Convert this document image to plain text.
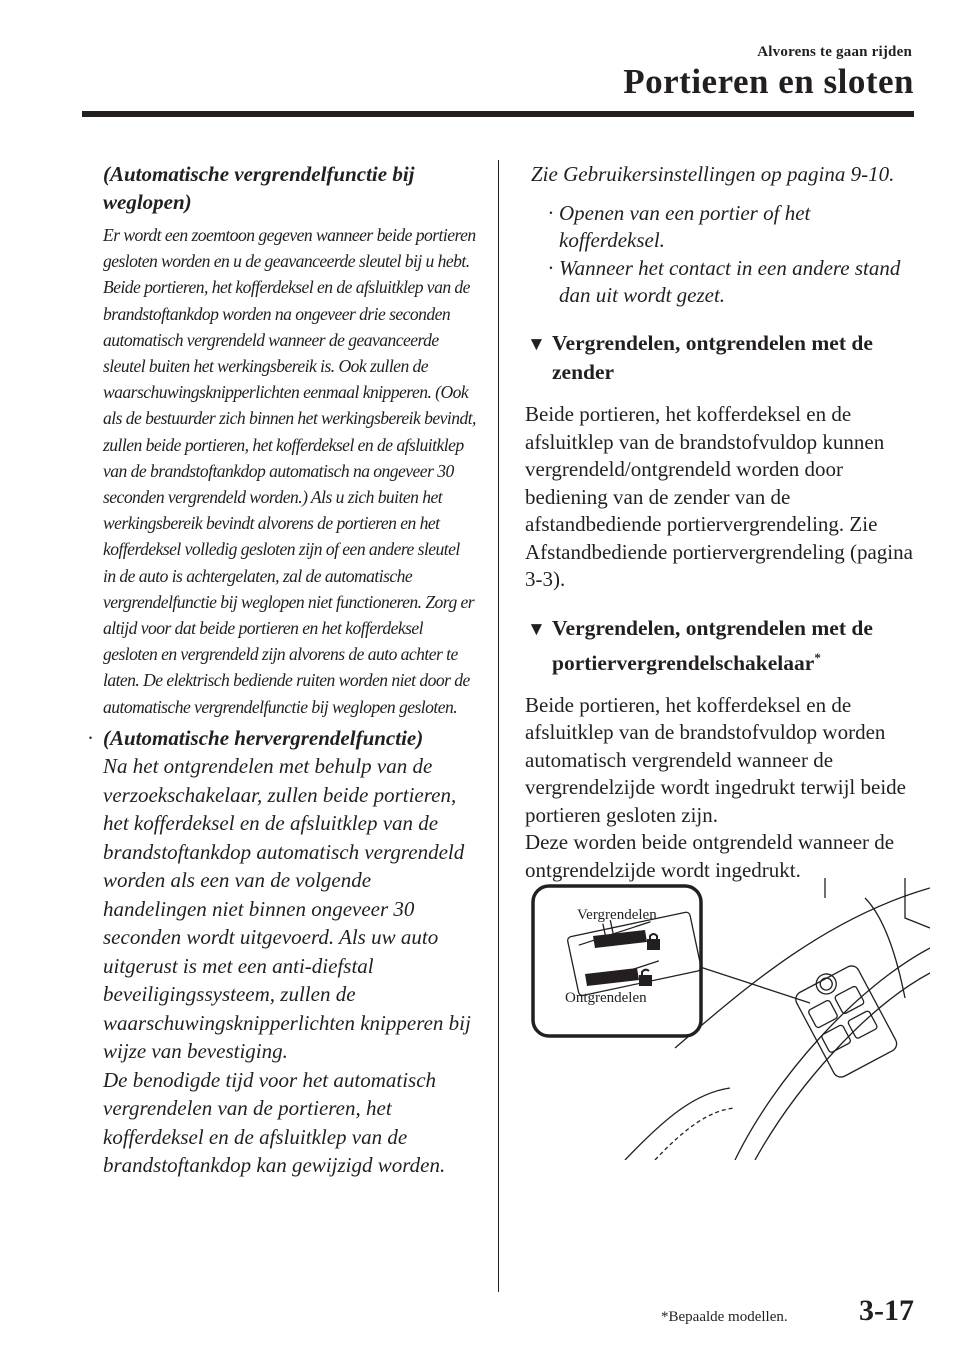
Alvorens te gaan rijden
Portieren en sloten
(Automatische vergrendelfunctie bij weglopen)
Er wordt een zoemtoon gegeven wanneer beide portieren gesloten worden en u de geavanceerde sleutel bij u hebt. Beide portieren, het kofferdeksel en de afsluitklep van de brandstoftankdop worden na ongeveer drie seconden automatisch vergrendeld wanneer de geavanceerde sleutel buiten het werkingsbereik is. Ook zullen de waarschuwingsknipperlichten eenmaal knipperen. (Ook als de bestuurder zich binnen het werkingsbereik bevindt, zullen beide portieren, het kofferdeksel en de afsluitklep van de brandstoftankdop automatisch na ongeveer 30 seconden vergrendeld worden.) Als u zich buiten het werkingsbereik bevindt alvorens de portieren en het kofferdeksel volledig gesloten zijn of een andere sleutel in de auto is achtergelaten, zal de automatische vergrendelfunctie bij weglopen niet functioneren. Zorg er altijd voor dat beide portieren en het kofferdeksel gesloten en vergrendeld zijn alvorens de auto achter te laten. De elektrisch bediende ruiten worden niet door de automatische vergrendelfunctie bij weglopen gesloten.
· (Automatische hervergrendelfunctie)
Na het ontgrendelen met behulp van de verzoekschakelaar, zullen beide portieren, het kofferdeksel en de afsluitklep van de brandstoftankdop automatisch vergrendeld worden als een van de volgende handelingen niet binnen ongeveer 30 seconden wordt uitgevoerd. Als uw auto uitgerust is met een anti-diefstal beveiligingssysteem, zullen de waarschuwingsknipperlichten knipperen bij wijze van bevestiging.
De benodigde tijd voor het automatisch vergrendelen van de portieren, het kofferdeksel en de afsluitklep van de brandstoftankdop kan gewijzigd worden.
Zie Gebruikersinstellingen op pagina 9-10.
· Openen van een portier of het kofferdeksel.
· Wanneer het contact in een andere stand dan uit wordt gezet.
▼ Vergrendelen, ontgrendelen met de zender
Beide portieren, het kofferdeksel en de afsluitklep van de brandstofvuldop kunnen vergrendeld/ontgrendeld worden door bediening van de zender van de afstandbediende portiervergrendeling. Zie Afstandbediende portiervergrendeling (pagina 3-3).
▼ Vergrendelen, ontgrendelen met de portiervergrendelschakelaar*
Beide portieren, het kofferdeksel en de afsluitklep van de brandstofvuldop worden automatisch vergrendeld wanneer de vergrendelzijde wordt ingedrukt terwijl beide portieren gesloten zijn.
Deze worden beide ontgrendeld wanneer de ontgrendelzijde wordt ingedrukt.
Vergrendelen
Ontgrendelen
*Bepaalde modellen. 3-17
